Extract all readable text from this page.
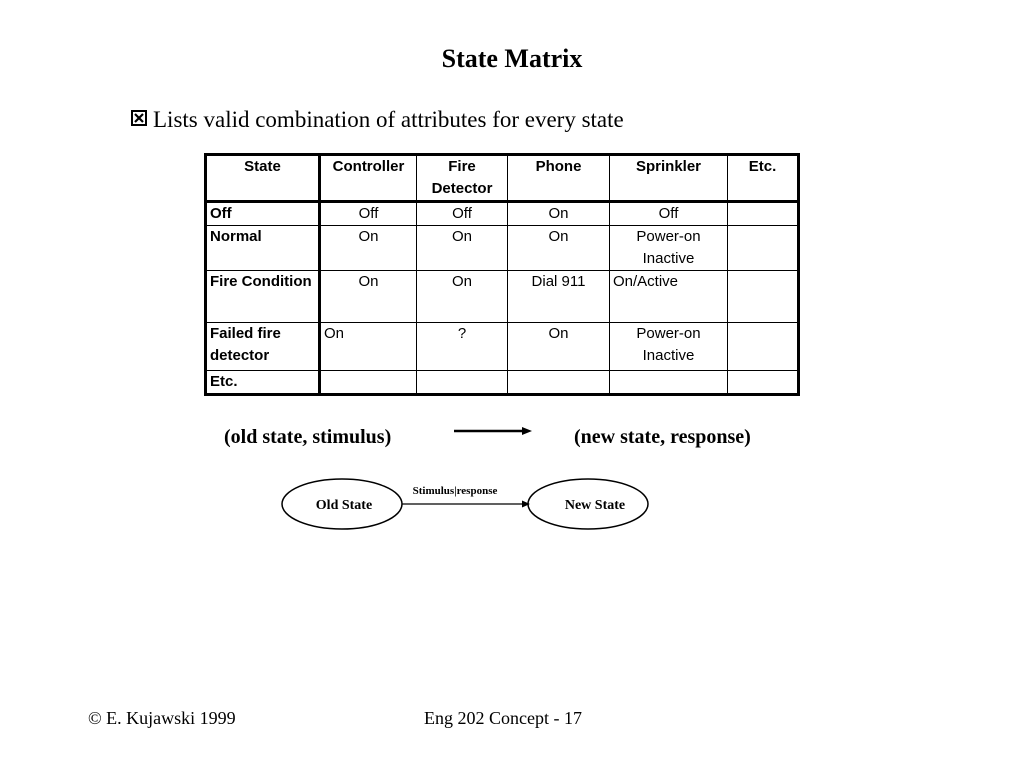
State Matrix
Lists valid combination of attributes for every state
State	Controller	Fire Detector	Phone	Sprinkler	Etc.
Off	Off	Off	On	Off	
Normal	On	On	On	Power-on Inactive	
Fire Condition	On	On	Dial 911	On/Active	
Failed fire detector	On	?	On	Power-on Inactive	
Etc.					
(old state, stimulus)	(new state, response)
Old State	New State
Stimulus|response
© E. Kujawski 1999	Eng 202 Concept - 17
